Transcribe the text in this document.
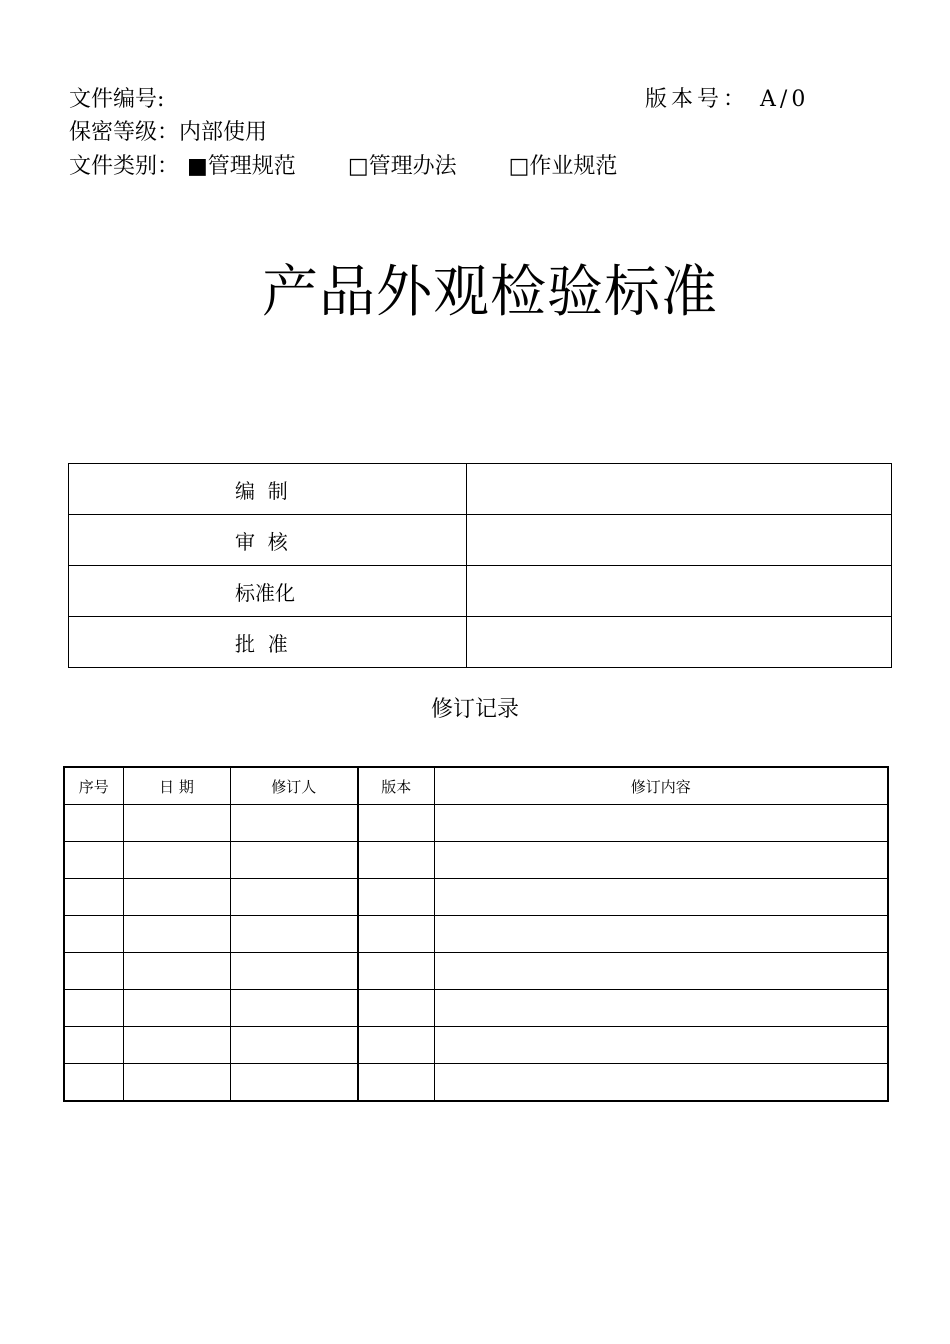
文件编号:	版本号： A/0
保密等级：内部使用
文件类别： ■管理规范 □管理办法 □作业规范
产品外观检验标准
编  制	
审  核	
标准化	
批  准	
修订记录
序号	日 期	修订人	版本	修订内容
